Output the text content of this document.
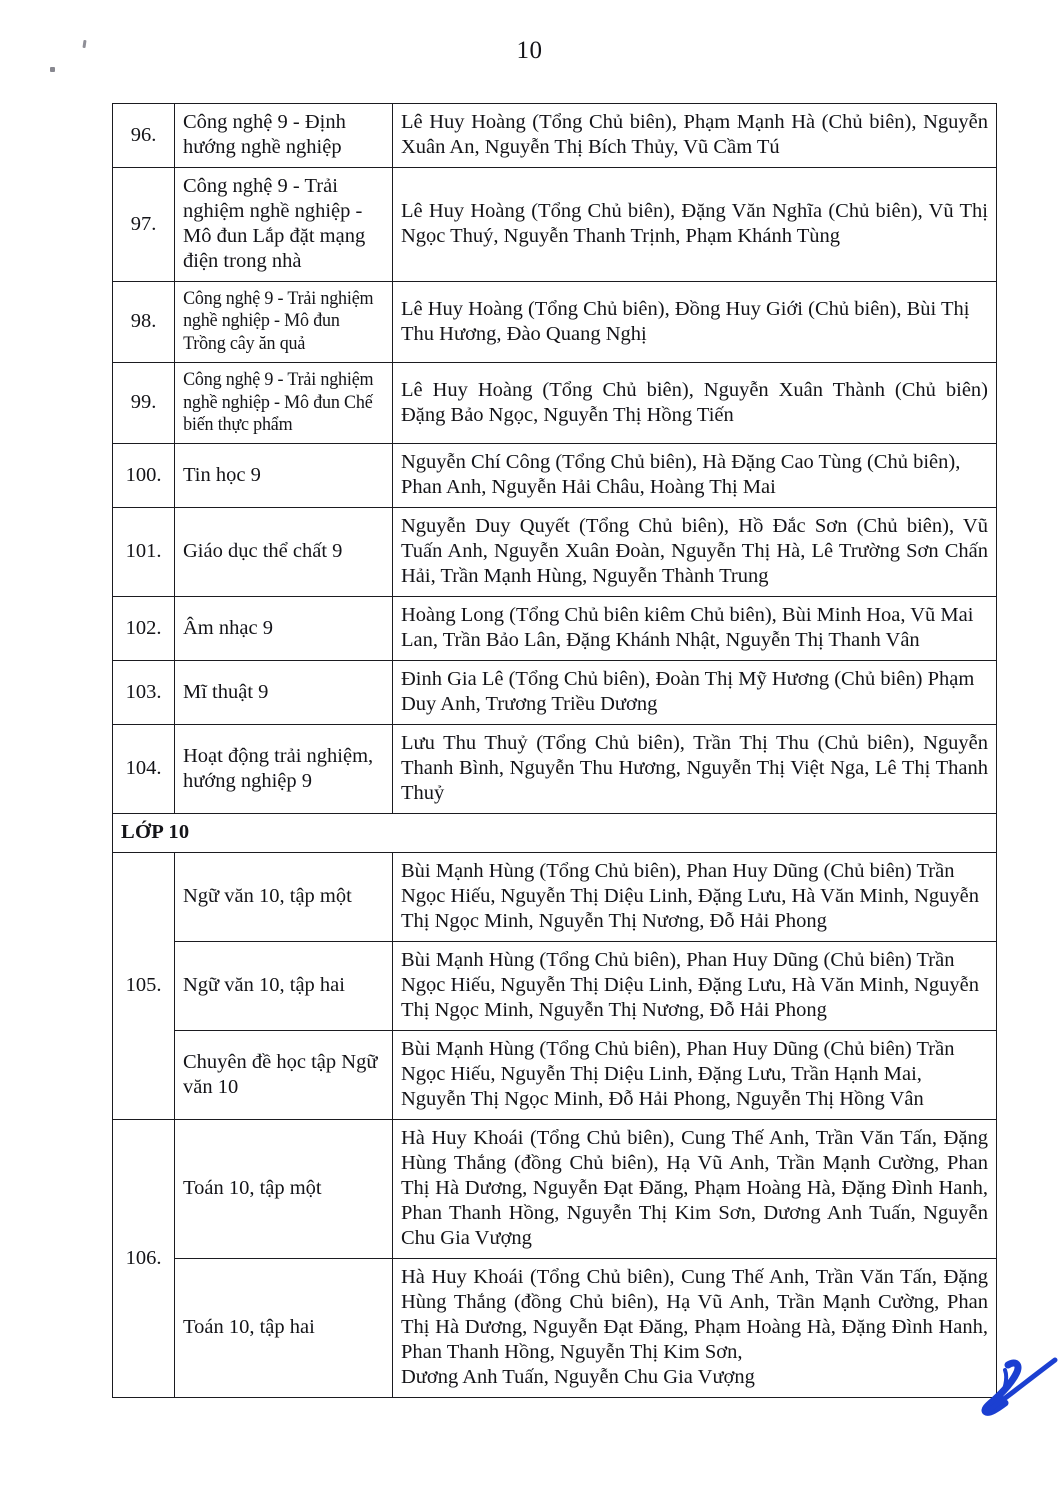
10
96.	Công nghệ 9 - Định hướng nghề nghiệp	Lê Huy Hoàng (Tổng Chủ biên), Phạm Mạnh Hà (Chủ biên), Nguyễn Xuân An, Nguyễn Thị Bích Thủy, Vũ Cầm Tú
97.	Công nghệ 9 - Trải nghiệm nghề nghiệp - Mô đun Lắp đặt mạng điện trong nhà	Lê Huy Hoàng (Tổng Chủ biên), Đặng Văn Nghĩa (Chủ biên), Vũ Thị Ngọc Thuý, Nguyễn Thanh Trịnh, Phạm Khánh Tùng
98.	Công nghệ 9 - Trải nghiệm nghề nghiệp - Mô đun Trồng cây ăn quả	Lê Huy Hoàng (Tổng Chủ biên), Đồng Huy Giới (Chủ biên), Bùi Thị Thu Hương, Đào Quang Nghị
99.	Công nghệ 9 - Trải nghiệm nghề nghiệp - Mô đun Chế biến thực phẩm	Lê Huy Hoàng (Tổng Chủ biên), Nguyễn Xuân Thành (Chủ biên) Đặng Bảo Ngọc, Nguyễn Thị Hồng Tiến
100.	Tin học 9	Nguyễn Chí Công (Tổng Chủ biên), Hà Đặng Cao Tùng (Chủ biên), Phan Anh, Nguyễn Hải Châu, Hoàng Thị Mai
101.	Giáo dục thể chất 9	Nguyễn Duy Quyết (Tổng Chủ biên), Hồ Đắc Sơn (Chủ biên), Vũ Tuấn Anh, Nguyễn Xuân Đoàn, Nguyễn Thị Hà, Lê Trường Sơn Chấn Hải, Trần Mạnh Hùng, Nguyễn Thành Trung
102.	Âm nhạc 9	Hoàng Long (Tổng Chủ biên kiêm Chủ biên), Bùi Minh Hoa, Vũ Mai Lan, Trần Bảo Lân, Đặng Khánh Nhật, Nguyễn Thị Thanh Vân
103.	Mĩ thuật 9	Đinh Gia Lê (Tổng Chủ biên), Đoàn Thị Mỹ Hương (Chủ biên) Phạm Duy Anh, Trương Triều Dương
104.	Hoạt động trải nghiệm, hướng nghiệp 9	Lưu Thu Thuỷ (Tổng Chủ biên), Trần Thị Thu (Chủ biên), Nguyễn Thanh Bình, Nguyễn Thu Hương, Nguyễn Thị Việt Nga, Lê Thị Thanh Thuỷ
LỚP 10		
105.	Ngữ văn 10, tập một	Bùi Mạnh Hùng (Tổng Chủ biên), Phan Huy Dũng (Chủ biên) Trần Ngọc Hiếu, Nguyễn Thị Diệu Linh, Đặng Lưu, Hà Văn Minh, Nguyễn Thị Ngọc Minh, Nguyễn Thị Nương, Đỗ Hải Phong
	Ngữ văn 10, tập hai	Bùi Mạnh Hùng (Tổng Chủ biên), Phan Huy Dũng (Chủ biên) Trần Ngọc Hiếu, Nguyễn Thị Diệu Linh, Đặng Lưu, Hà Văn Minh, Nguyễn Thị Ngọc Minh, Nguyễn Thị Nương, Đỗ Hải Phong
	Chuyên đề học tập Ngữ văn 10	Bùi Mạnh Hùng (Tổng Chủ biên), Phan Huy Dũng (Chủ biên) Trần Ngọc Hiếu, Nguyễn Thị Diệu Linh, Đặng Lưu, Trần Hạnh Mai, Nguyễn Thị Ngọc Minh, Đỗ Hải Phong, Nguyễn Thị Hồng Vân
106.	Toán 10, tập một	Hà Huy Khoái (Tổng Chủ biên), Cung Thế Anh, Trần Văn Tấn, Đặng Hùng Thắng (đồng Chủ biên), Hạ Vũ Anh, Trần Mạnh Cường, Phan Thị Hà Dương, Nguyễn Đạt Đăng, Phạm Hoàng Hà, Đặng Đình Hanh, Phan Thanh Hồng, Nguyễn Thị Kim Sơn, Dương Anh Tuấn, Nguyễn Chu Gia Vượng
	Toán 10, tập hai	Hà Huy Khoái (Tổng Chủ biên), Cung Thế Anh, Trần Văn Tấn, Đặng Hùng Thắng (đồng Chủ biên), Hạ Vũ Anh, Trần Mạnh Cường, Phan Thị Hà Dương, Nguyễn Đạt Đăng, Phạm Hoàng Hà, Đặng Đình Hanh, Phan Thanh Hồng, Nguyễn Thị Kim Sơn,
Dương Anh Tuấn, Nguyễn Chu Gia Vượng
